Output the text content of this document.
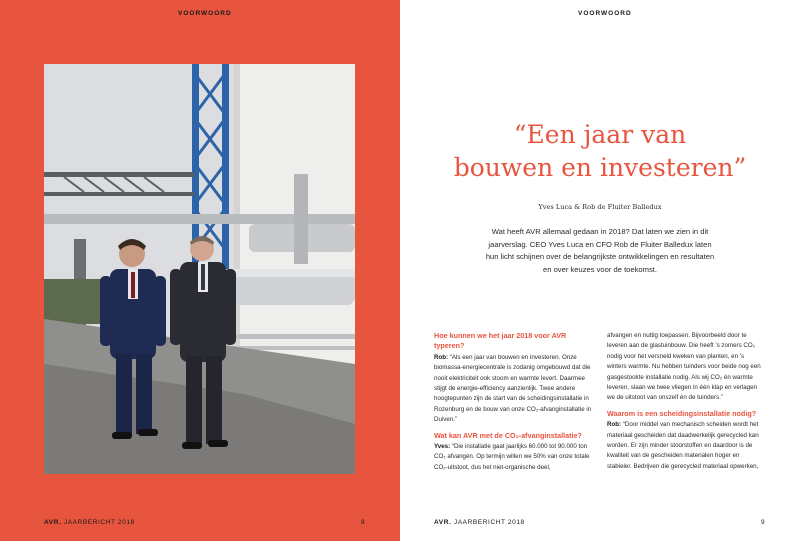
VOORWOORD
AVR. JAARBERICHT 2018	8
VOORWOORD
“Een jaar van
bouwen en investeren”
Yves Luca & Rob de Fluiter Balledux
Wat heeft AVR allemaal gedaan in 2018? Dat laten we zien in dit jaarverslag. CEO Yves Luca en CFO Rob de Fluiter Balledux laten hun licht schijnen over de belangrijkste ontwikkelingen en resultaten en over keuzes voor de toekomst.
Hoe kunnen we het jaar 2018 voor AVR typeren?
Rob: “Als een jaar van bouwen en investeren. Onze biomassa-energiecentrale is zodanig omgebouwd dat die nooit elektriciteit ook stoom en warmte levert. Daarmee stijgt de energie-efficiency aanzienlijk. Twee andere hoogtepunten zijn de start van de scheidingsinstallatie in Rozenburg en de bouw van onze CO₂-afvanginstallatie in Duiven.”
Wat kan AVR met de CO₂-afvanginstallatie?
Yves: “Die installatie gaat jaarlijks 60.000 tot 90.000 ton CO₂ afvangen. Op termijn willen we 50% van onze totale CO₂-uitstoot, dus het niet-organische deel,
afvangen en nuttig toepassen. Bijvoorbeeld door te leveren aan de glastuinbouw. Die heeft ’s zomers CO₂ nodig voor het versneld kweken van planten, en ’s winters warmte. Nu hebben tuinders voor beide nog een gasgestookte installatie nodig. Als wij CO₂ én warmte leveren, slaan we twee vliegen in één klap en verlagen we de uitstoot van onszelf én de tuinders.”
Waarom is een scheidingsinstallatie nodig?
Rob: “Door middel van mechanisch scheiden wordt het materiaal gescheiden dat daadwerkelijk gerecycled kan worden. Er zijn minder stoorstoffen en daardoor is de kwaliteit van de gescheiden materialen hoger en stabieler. Bedrijven die gerecycled materiaal opwerken,
AVR. JAARBERICHT 2018	9
